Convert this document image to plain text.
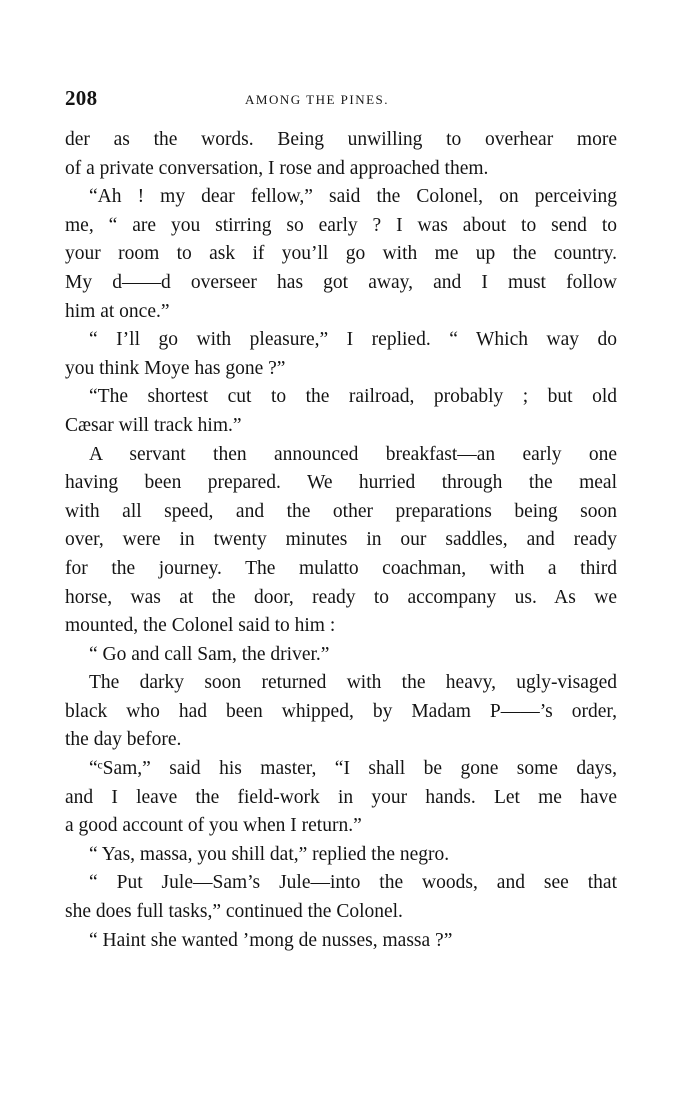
208	AMONG THE PINES.
der as the words. Being unwilling to overhear more
of a private conversation, I rose and approached them.
“Ah ! my dear fellow,” said the Colonel, on perceiving
me, “ are you stirring so early ? I was about to send to
your room to ask if you’ll go with me up the country.
My d——d overseer has got away, and I must follow
him at once.”
“ I’ll go with pleasure,” I replied. “ Which way do
you think Moye has gone ?”
“The shortest cut to the railroad, probably ; but old
Cæsar will track him.”
A servant then announced breakfast—an early one
having been prepared. We hurried through the meal
with all speed, and the other preparations being soon
over, were in twenty minutes in our saddles, and ready
for the journey. The mulatto coachman, with a third
horse, was at the door, ready to accompany us. As we
mounted, the Colonel said to him :
“ Go and call Sam, the driver.”
The darky soon returned with the heavy, ugly-visaged
black who had been whipped, by Madam P——’s order,
the day before.
“ᶜSam,” said his master, “I shall be gone some days,
and I leave the field-work in your hands. Let me have
a good account of you when I return.”
“ Yas, massa, you shill dat,” replied the negro.
“ Put Jule—Sam’s Jule—into the woods, and see that
she does full tasks,” continued the Colonel.
“ Haint she wanted ’mong de nusses, massa ?”
